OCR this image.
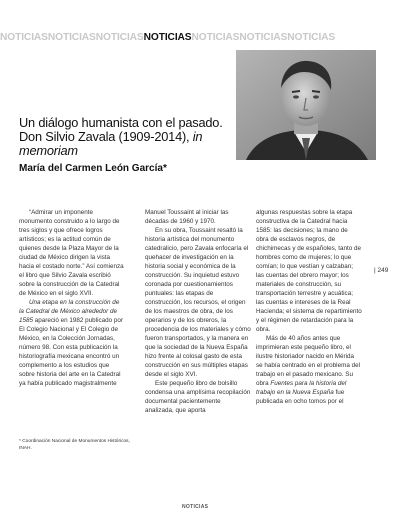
NOTICIASNOTICIASNOTICIASNOTICIASNOTICIASNOTICIASNOTICIAS
Un diálogo humanista con el pasado.
Don Silvio Zavala (1909-2014), in
memoriam
María del Carmen León García*

“Admirar un imponente monumento construido a lo largo de tres siglos y que ofrece logros artísticos; es la actitud común de quienes desde la Plaza Mayor de la ciudad de México dirigen la vista hacia el costado norte.” Así comienza el libro que Silvio Zavala escribió sobre la construcción de la Catedral de México en el siglo XVII.

Una etapa en la construcción de la Catedral de México alrededor de 1585 apareció en 1982 publicado por El Colegio Nacional y El Colegio de México, en la Colección Jornadas, número 98. Con esta publicación la historiografía mexicana encontró un complemento a los estudios que sobre historia del arte en la Catedral ya había publicado magistralmente

* Coordinación Nacional de Monumentos Históricos, INAH.

Manuel Toussaint al iniciar las décadas de 1960 y 1970.

En su obra, Toussaint resaltó la historia artística del monumento catedralicio, pero Zavala enfocaría el quehacer de investigación en la historia social y económica de la construcción. Su inquietud estuvo coronada por cuestionamientos puntuales: las etapas de construcción, los recursos, el origen de los maestros de obra, de los operarios y de los obreros, la procedencia de los materiales y cómo fueron transportados, y la manera en que la sociedad de la Nueva España hizo frente al colosal gasto de esta construcción en sus múltiples etapas desde el siglo XVI.

Este pequeño libro de bolsillo condensa una amplísima recopilación documental pacientemente analizada, que aporta

algunas respuestas sobre la etapa constructiva de la Catedral hacia 1585: las decisiones; la mano de obra de esclavos negros, de chichimecas y de españoles, tanto de hombres como de mujeres; lo que comían; lo que vestían y calzaban; las cuentas del obrero mayor; los materiales de construcción, su transportación terrestre y acuática; las cuentas e intereses de la Real Hacienda; el sistema de repartimiento y el régimen de retardación para la obra.

Más de 40 años antes que imprimieran este pequeño libro, el ilustre historiador nacido en Mérida se había centrado en el problema del trabajo en el pasado mexicano. Su obra Fuentes para la historia del trabajo en la Nueva España fue publicada en ocho tomos por el

| 249
NOTICIAS
